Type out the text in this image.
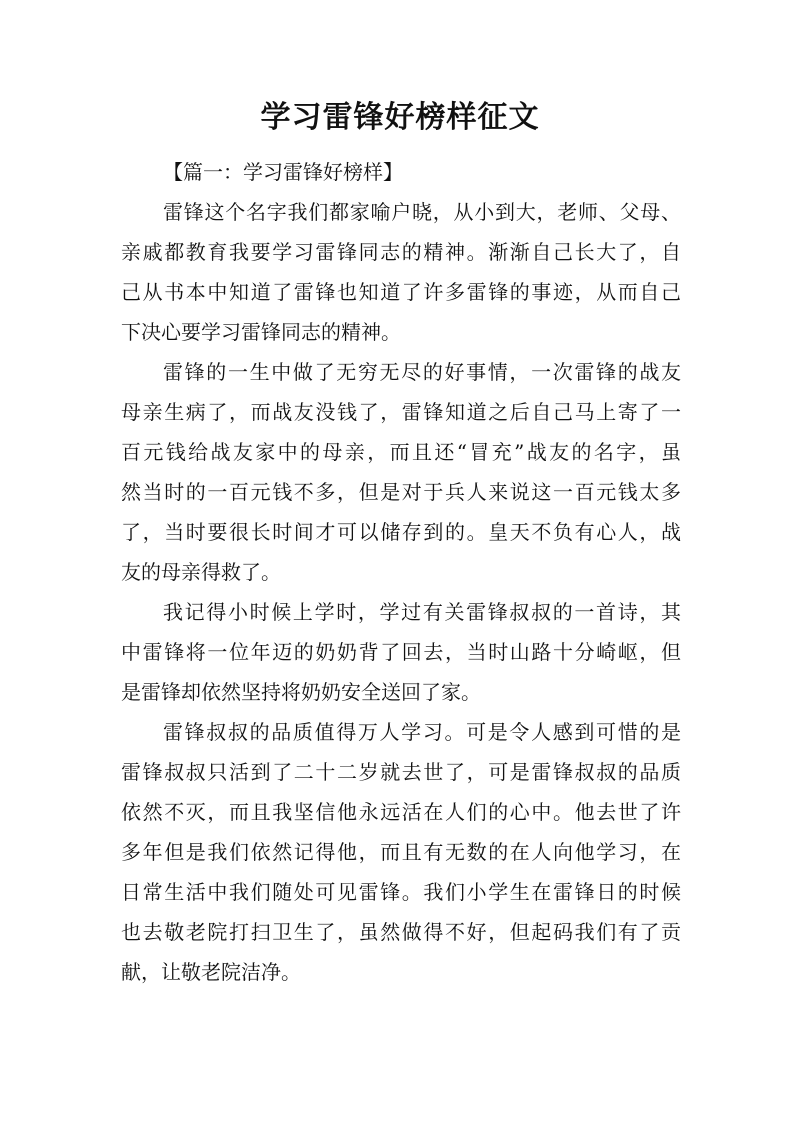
学习雷锋好榜样征文

【篇一：学习雷锋好榜样】

雷锋这个名字我们都家喻户晓，从小到大，老师、父母、
亲戚都教育我要学习雷锋同志的精神。渐渐自己长大了，自
己从书本中知道了雷锋也知道了许多雷锋的事迹，从而自己
下决心要学习雷锋同志的精神。
雷锋的一生中做了无穷无尽的好事情，一次雷锋的战友
母亲生病了，而战友没钱了，雷锋知道之后自己马上寄了一
百元钱给战友家中的母亲，而且还“冒充”战友的名字，虽
然当时的一百元钱不多，但是对于兵人来说这一百元钱太多
了，当时要很长时间才可以储存到的。皇天不负有心人，战
友的母亲得救了。
我记得小时候上学时，学过有关雷锋叔叔的一首诗，其
中雷锋将一位年迈的奶奶背了回去，当时山路十分崎岖，但
是雷锋却依然坚持将奶奶安全送回了家。
雷锋叔叔的品质值得万人学习。可是令人感到可惜的是
雷锋叔叔只活到了二十二岁就去世了，可是雷锋叔叔的品质
依然不灭，而且我坚信他永远活在人们的心中。他去世了许
多年但是我们依然记得他，而且有无数的在人向他学习，在
日常生活中我们随处可见雷锋。我们小学生在雷锋日的时候
也去敬老院打扫卫生了，虽然做得不好，但起码我们有了贡
献，让敬老院洁净。
